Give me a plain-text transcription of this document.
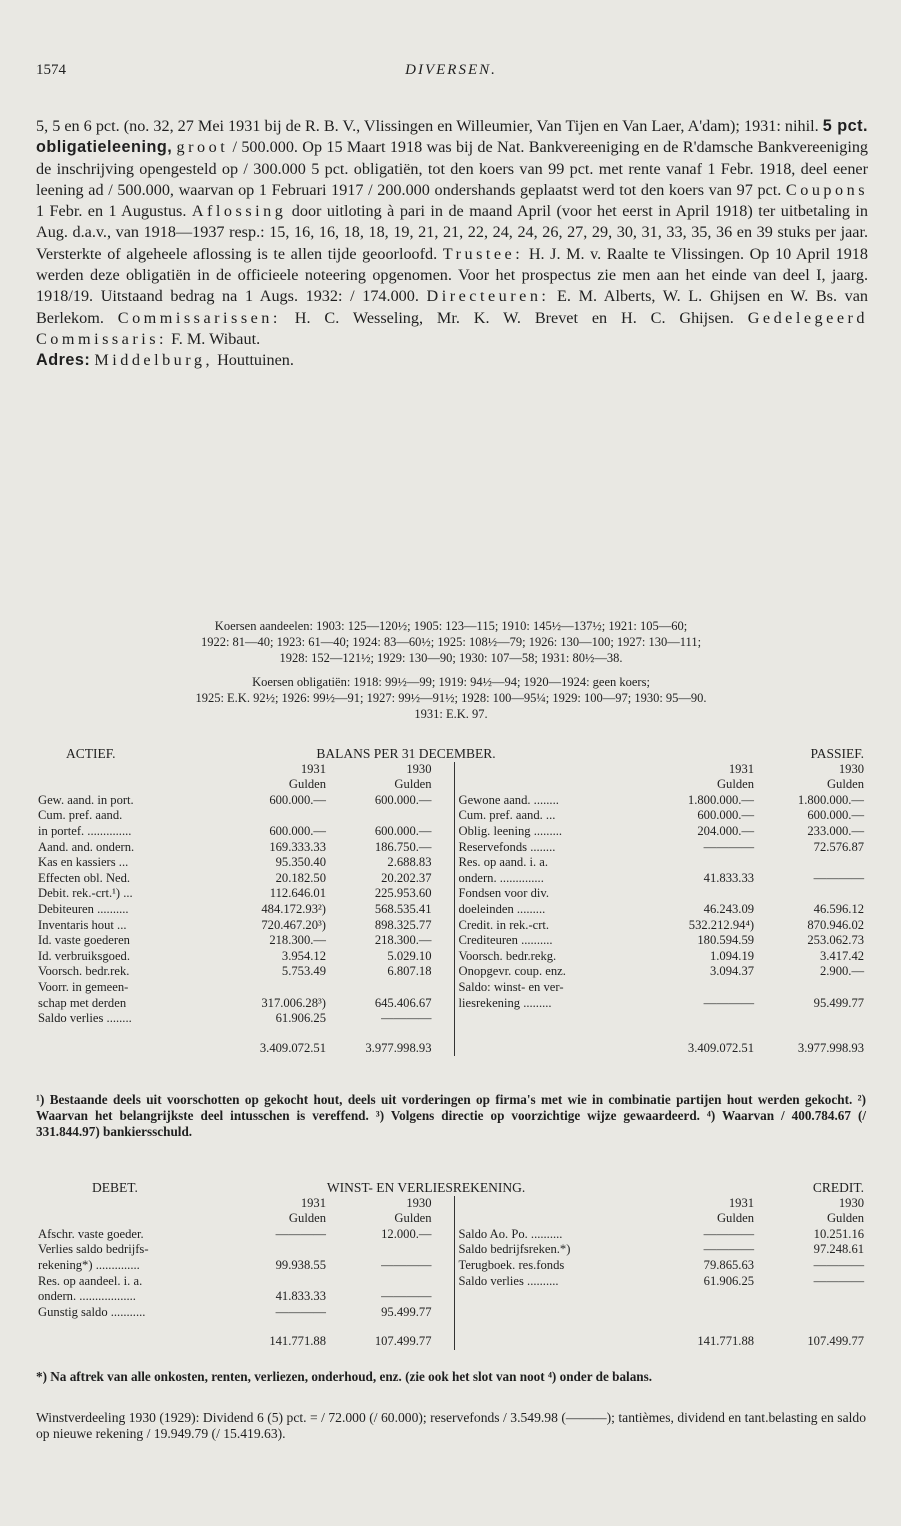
1574	DIVERSEN.

5, 5 en 6 pct. (no. 32, 27 Mei 1931 bij de R. B. V., Vlissingen en Willeumier, Van Tijen en Van Laer, A'dam); 1931: nihil. 5 pct. obligatieleening, groot / 500.000. Op 15 Maart 1918 was bij de Nat. Bankvereeniging en de R'damsche Bankvereeniging de inschrijving opengesteld op / 300.000 5 pct. obligatiën, tot den koers van 99 pct. met rente vanaf 1 Febr. 1918, deel eener leening ad / 500.000, waarvan op 1 Februari 1917 / 200.000 ondershands geplaatst werd tot den koers van 97 pct. Coupons 1 Febr. en 1 Augustus. Aflossing door uitloting à pari in de maand April (voor het eerst in April 1918) ter uitbetaling in Aug. d.a.v., van 1918—1937 resp.: 15, 16, 16, 18, 18, 19, 21, 21, 22, 24, 24, 26, 27, 29, 30, 31, 33, 35, 36 en 39 stuks per jaar. Versterkte of algeheele aflossing is te allen tijde geoorloofd. Trustee: H. J. M. v. Raalte te Vlissingen. Op 10 April 1918 werden deze obligatiën in de officieele noteering opgenomen. Voor het prospectus zie men aan het einde van deel I, jaarg. 1918/19. Uitstaand bedrag na 1 Augs. 1932: / 174.000. Directeuren: E. M. Alberts, W. L. Ghijsen en W. Bs. van Berlekom. Commissarissen: H. C. Wesseling, Mr. K. W. Brevet en H. C. Ghijsen. Gedelegeerd Commissaris: F. M. Wibaut.

Adres: Middelburg, Houttuinen.

Koersen aandeelen: 1903: 125—120½; 1905: 123—115; 1910: 145½—137½; 1921: 105—60;
1922: 81—40; 1923: 61—40; 1924: 83—60½; 1925: 108½—79; 1926: 130—100; 1927: 130—111;
1928: 152—121½; 1929: 130—90; 1930: 107—58; 1931: 80½—38.
Koersen obligatiën: 1918: 99½—99; 1919: 94½—94; 1920—1924: geen koers;
1925: E.K. 92½; 1926: 99½—91; 1927: 99½—91½; 1928: 100—95¼; 1929: 100—97; 1930: 95—90.
1931: E.K. 97.
ACTIEF.	BALANS PER 31 DECEMBER.				PASSIEF.
	1931	1930		1931	1930
	Gulden	Gulden		Gulden	Gulden
Gew. aand. in port.	600.000.—	600.000.—	Gewone aand. ........	1.800.000.—	1.800.000.—
Cum. pref. aand.			Cum. pref. aand. ...	600.000.—	600.000.—
in portef. ..............	600.000.—	600.000.—	Oblig. leening .........	204.000.—	233.000.—
Aand. and. ondern.	169.333.33	186.750.—	Reservefonds ........	————	72.576.87
Kas en kassiers ...	95.350.40	2.688.83	Res. op aand. i. a.		
Effecten obl. Ned.	20.182.50	20.202.37	ondern. ..............	41.833.33	————
Debit. rek.-crt.¹) ...	112.646.01	225.953.60	Fondsen voor div.		
Debiteuren ..........	484.172.93²)	568.535.41	doeleinden .........	46.243.09	46.596.12
Inventaris hout ...	720.467.20³)	898.325.77	Credit. in rek.-crt.	532.212.94⁴)	870.946.02
Id. vaste goederen	218.300.—	218.300.—	Crediteuren ..........	180.594.59	253.062.73
Id. verbruiksgoed.	3.954.12	5.029.10	Voorsch. bedr.rekg.	1.094.19	3.417.42
Voorsch. bedr.rek.	5.753.49	6.807.18	Onopgevr. coup. enz.	3.094.37	2.900.—
Voorr. in gemeen-			Saldo: winst- en ver-		
schap met derden	317.006.28³)	645.406.67	liesrekening .........	————	95.499.77
Saldo verlies ........	61.906.25	————			
	3.409.072.51	3.977.998.93		3.409.072.51	3.977.998.93
¹) Bestaande deels uit voorschotten op gekocht hout, deels uit vorderingen op firma's met wie in combinatie partijen hout werden gekocht. ²) Waarvan het belangrijkste deel intusschen is vereffend. ³) Volgens directie op voorzichtige wijze gewaardeerd. ⁴) Waarvan / 400.784.67 (/ 331.844.97) bankiersschuld.
DEBET.	WINST- EN VERLIESREKENING.				CREDIT.
	1931	1930		1931	1930
	Gulden	Gulden		Gulden	Gulden
Afschr. vaste goeder.	————	12.000.—	Saldo Ao. Po. ..........	————	10.251.16
Verlies saldo bedrijfs-			Saldo bedrijfsreken.*)	————	97.248.61
rekening*) ..............	99.938.55	————	Terugboek. res.fonds	79.865.63	————
Res. op aandeel. i. a.			Saldo verlies ..........	61.906.25	————
ondern. ..................	41.833.33	————			
Gunstig saldo ...........	————	95.499.77			
	141.771.88	107.499.77		141.771.88	107.499.77
*) Na aftrek van alle onkosten, renten, verliezen, onderhoud, enz. (zie ook het slot van noot ⁴) onder de balans.
Winstverdeeling 1930 (1929): Dividend 6 (5) pct. = / 72.000 (/ 60.000); reservefonds / 3.549.98 (———); tantièmes, dividend en tant.belasting en saldo op nieuwe rekening / 19.949.79 (/ 15.419.63).
